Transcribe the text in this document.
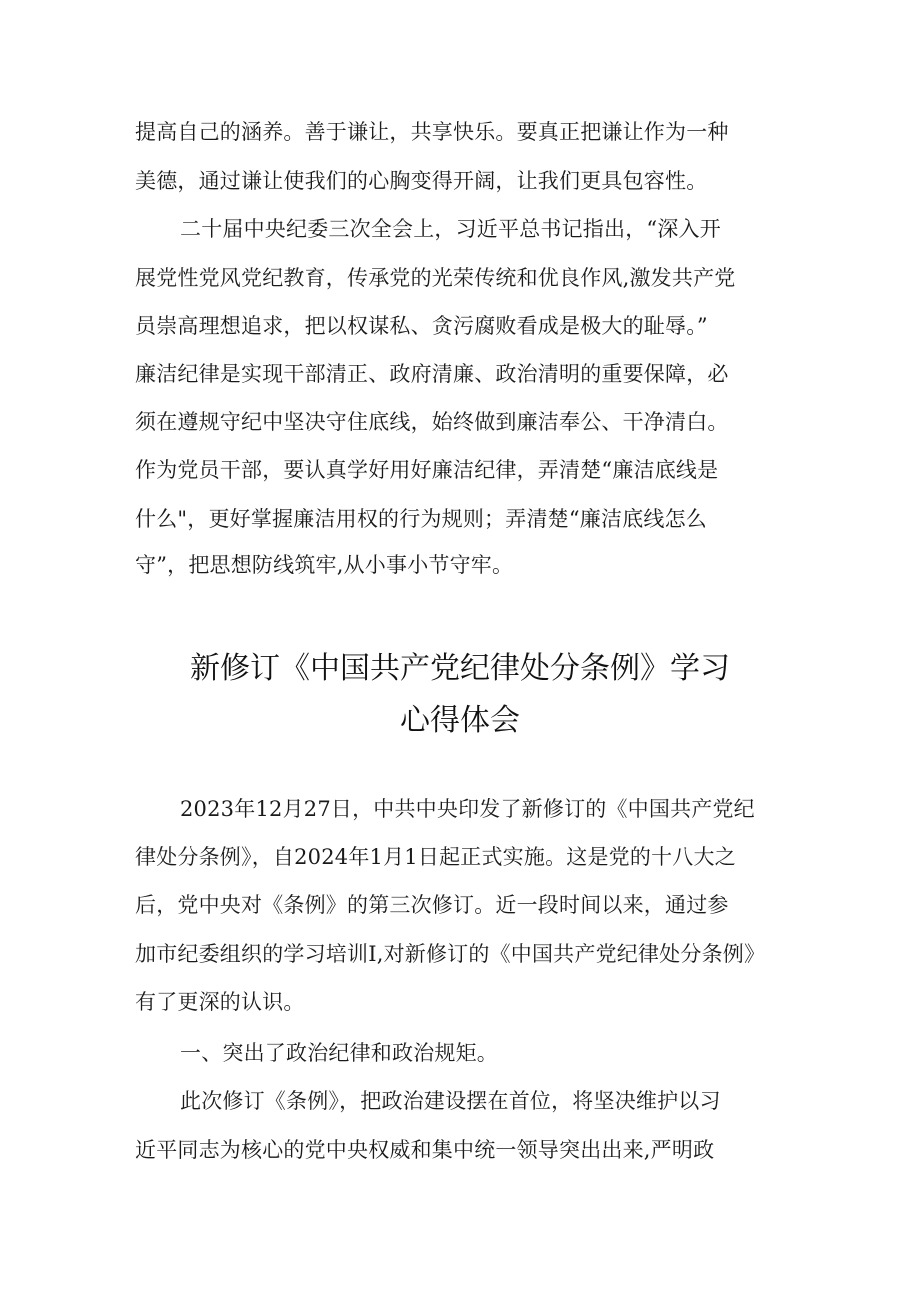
提高自己的涵养。善于谦让，共享快乐。要真正把谦让作为一种
美德，通过谦让使我们的心胸变得开阔，让我们更具包容性。
二十届中央纪委三次全会上，习近平总书记指出，“深入开
展党性党风党纪教育，传承党的光荣传统和优良作风,激发共产党
员崇高理想追求，把以权谋私、贪污腐败看成是极大的耻辱。”
廉洁纪律是实现干部清正、政府清廉、政治清明的重要保障，必
须在遵规守纪中坚决守住底线，始终做到廉洁奉公、干净清白。
作为党员干部，要认真学好用好廉洁纪律，弄清楚“廉洁底线是
什么"，更好掌握廉洁用权的行为规则；弄清楚“廉洁底线怎么
守”，把思想防线筑牢,从小事小节守牢。
新修订《中国共产党纪律处分条例》学习
心得体会
2023年12月27日，中共中央印发了新修订的《中国共产党纪
律处分条例》，自2024年1月1日起正式实施。这是党的十八大之
后，党中央对《条例》的第三次修订。近一段时间以来，通过参
加市纪委组织的学习培训I,对新修订的《中国共产党纪律处分条例》
有了更深的认识。
一、突出了政治纪律和政治规矩。
此次修订《条例》，把政治建设摆在首位，将坚决维护以习
近平同志为核心的党中央权威和集中统一领导突出出来,严明政
